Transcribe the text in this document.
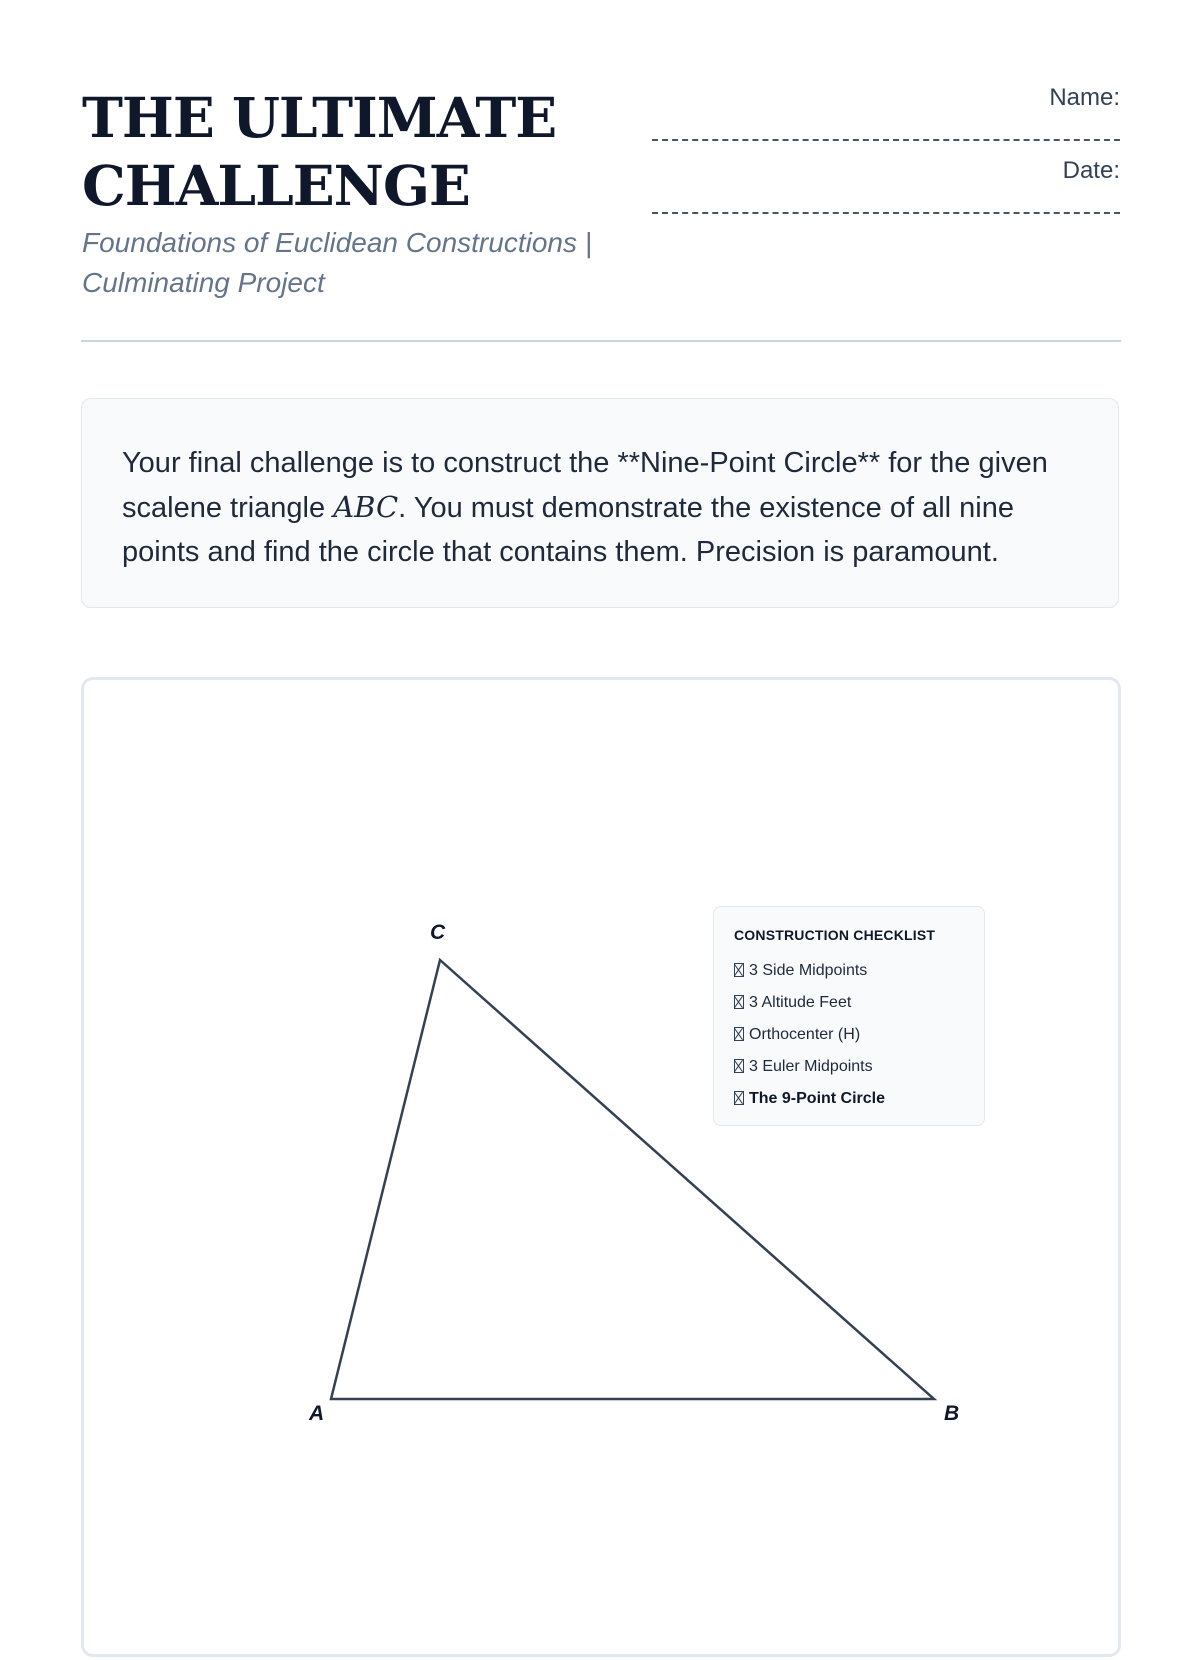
THE ULTIMATE
CHALLENGE

Foundations of Euclidean Constructions |
Culminating Project

Name:
Date:

Your final challenge is to construct the **Nine-Point Circle** for the given scalene triangle ABC. You must demonstrate the existence of all nine points and find the circle that contains them. Precision is paramount.

A	B
C	CONSTRUCTION CHECKLIST
3 Side Midpoints
3 Altitude Feet
Orthocenter (H)
3 Euler Midpoints
The 9-Point Circle
